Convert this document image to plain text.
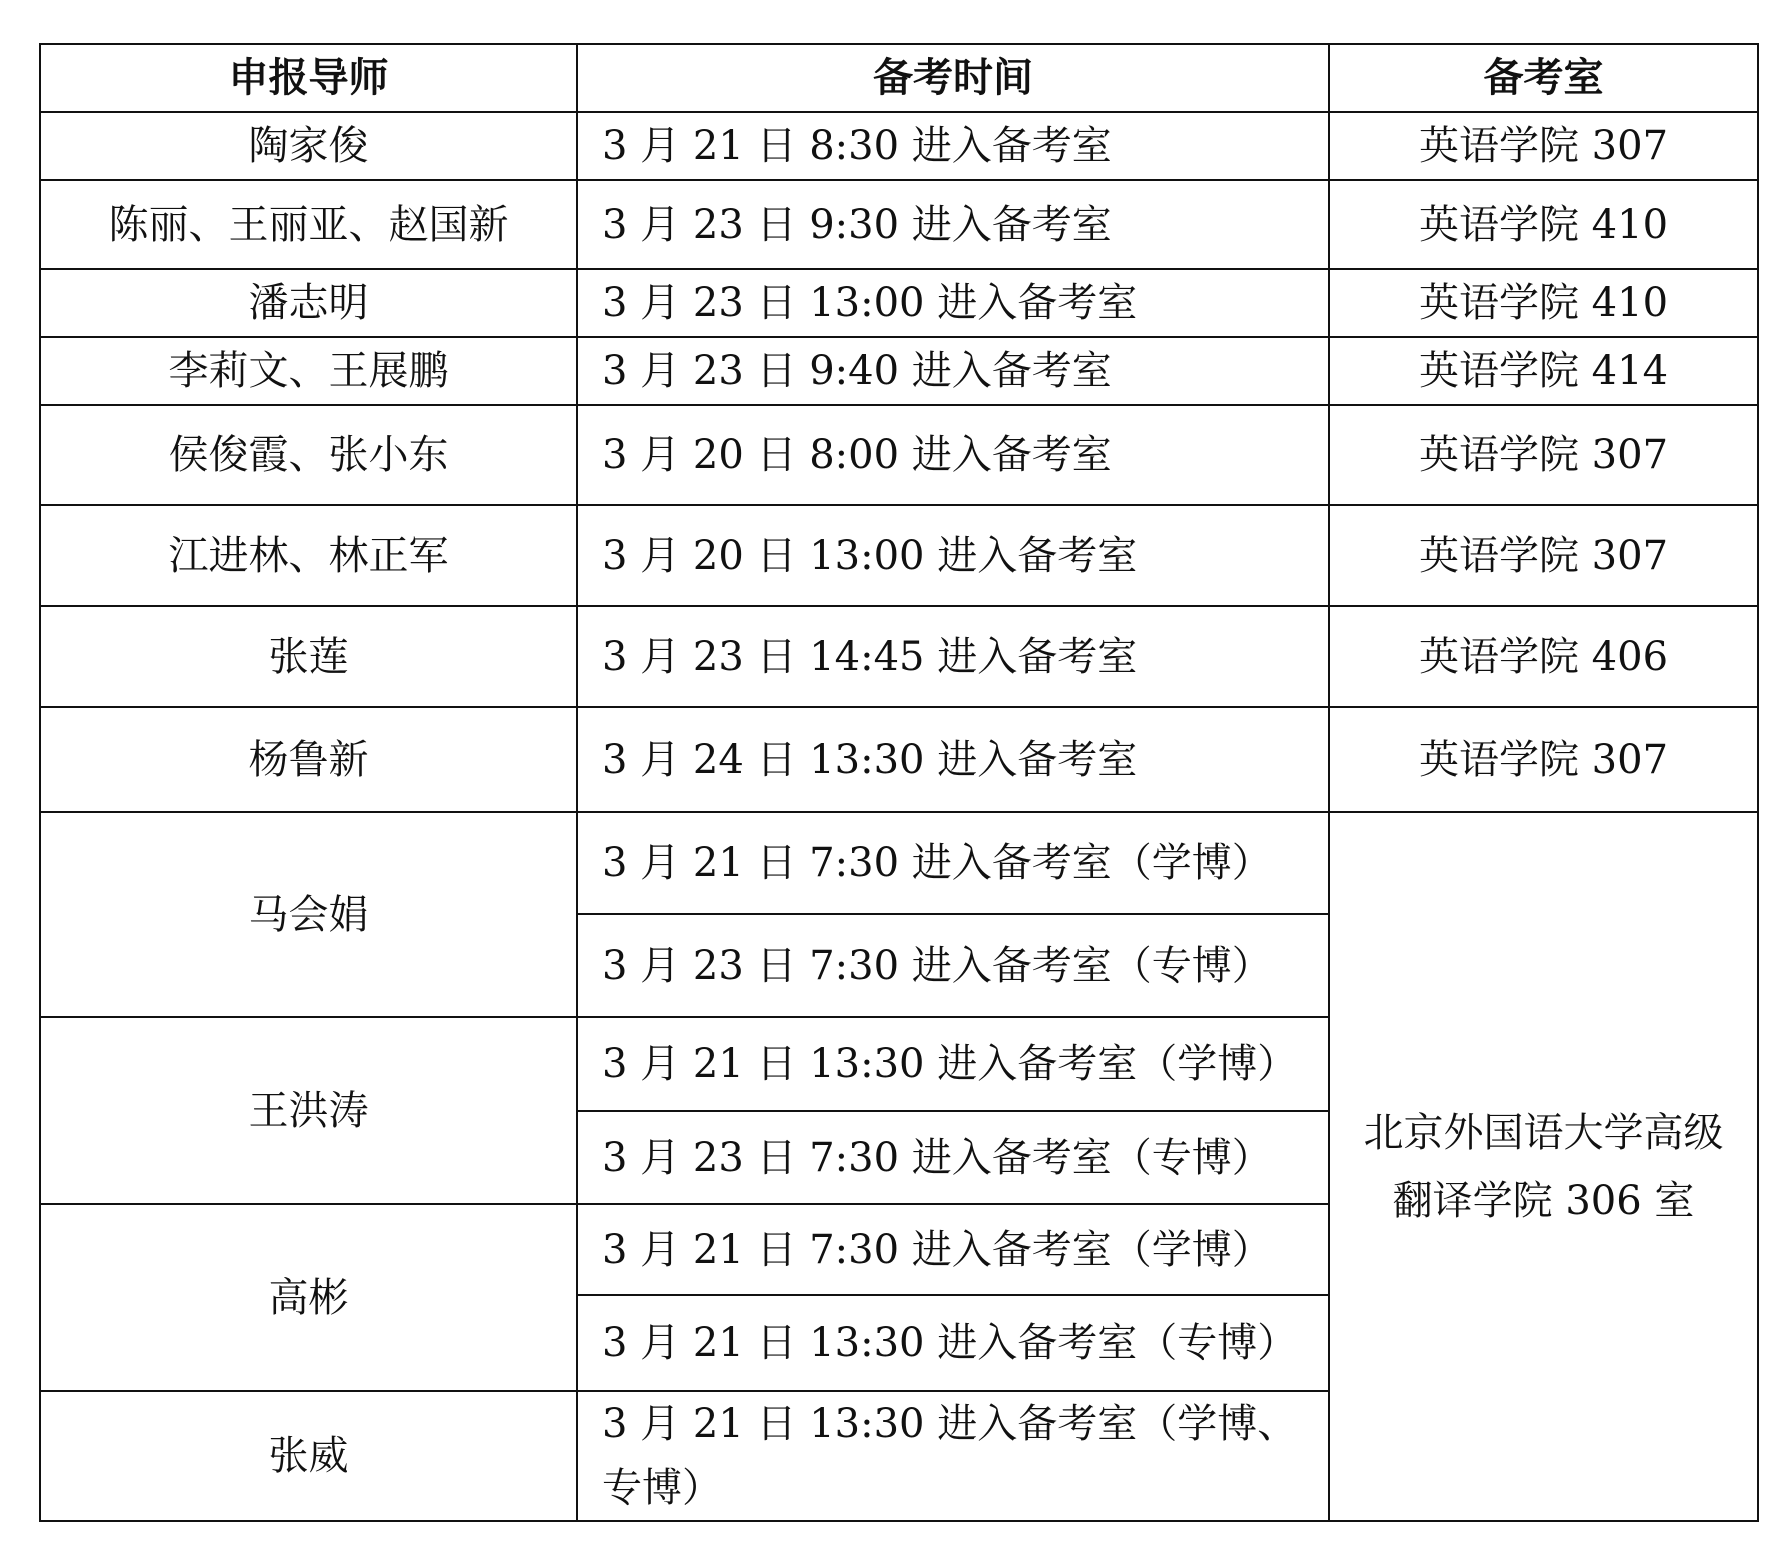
申报导师	备考时间	备考室
陶家俊	3 月 21 日 8:30 进入备考室	英语学院 307
陈丽、王丽亚、赵国新	3 月 23 日 9:30 进入备考室	英语学院 410
潘志明	3 月 23 日 13:00 进入备考室	英语学院 410
李莉文、王展鹏	3 月 23 日 9:40 进入备考室	英语学院 414
侯俊霞、张小东	3 月 20 日 8:00 进入备考室	英语学院 307
江进林、林正军	3 月 20 日 13:00 进入备考室	英语学院 307
张莲	3 月 23 日 14:45 进入备考室	英语学院 406
杨鲁新	3 月 24 日 13:30 进入备考室	英语学院 307
马会娟	3 月 21 日 7:30 进入备考室（学博）	北京外国语大学高级翻译学院 306 室
	3 月 23 日 7:30 进入备考室（专博）	
王洪涛	3 月 21 日 13:30 进入备考室（学博）	
	3 月 23 日 7:30 进入备考室（专博）	
高彬	3 月 21 日 7:30 进入备考室（学博）	
	3 月 21 日 13:30 进入备考室（专博）	
张威	3 月 21 日 13:30 进入备考室（学博、专博）	
